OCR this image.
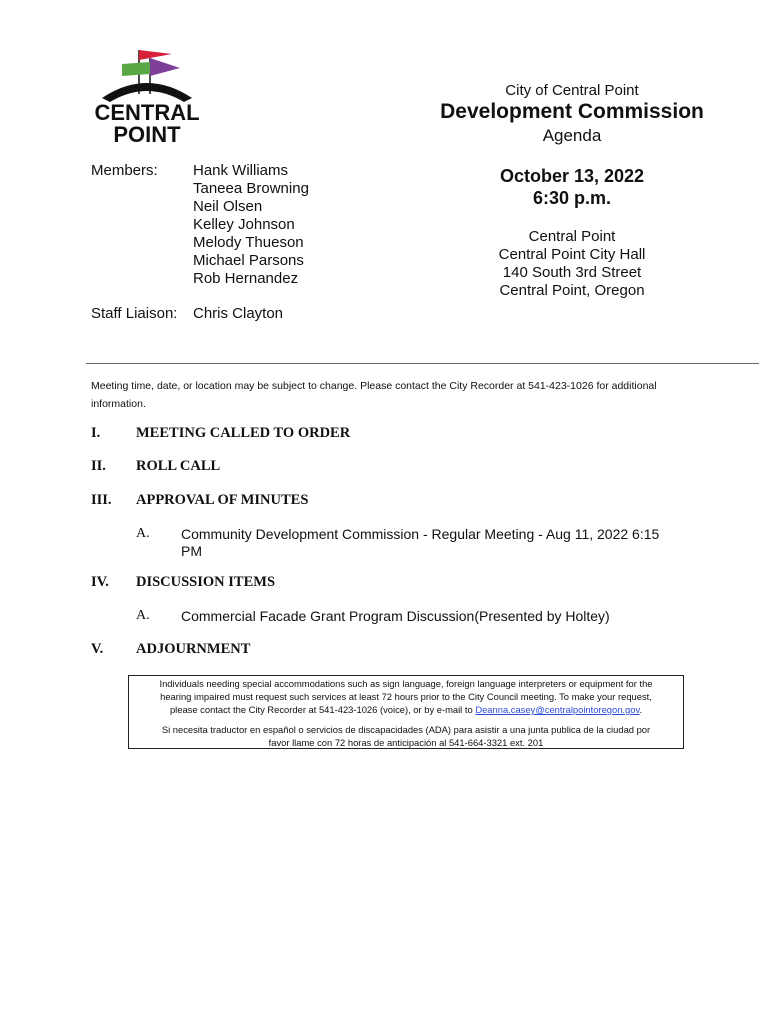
CENTRAL
POINT
City of Central Point
Development Commission
Agenda
October 13, 2022
6:30 p.m.
Central Point
Central Point City Hall
140 South 3rd Street
Central Point, Oregon
Members: Hank Williams
Taneea Browning
Neil Olsen
Kelley Johnson
Melody Thueson
Michael Parsons
Rob Hernandez
Staff Liaison: Chris Clayton
Meeting time, date, or location may be subject to change. Please contact the City Recorder at 541-423-1026 for additional
information.
I. MEETING CALLED TO ORDER
II. ROLL CALL
III. APPROVAL OF MINUTES
A. Community Development Commission - Regular Meeting - Aug 11, 2022 6:15
PM
IV. DISCUSSION ITEMS
A. Commercial Facade Grant Program Discussion(Presented by Holtey)
V. ADJOURNMENT
Individuals needing special accommodations such as sign language, foreign language interpreters or equipment for the
hearing impaired must request such services at least 72 hours prior to the City Council meeting. To make your request,
please contact the City Recorder at 541-423-1026 (voice), or by e-mail to Deanna.casey@centralpointoregon.gov.
Si necesita traductor en español o servicios de discapacidades (ADA) para asistir a una junta publica de la ciudad por
favor llame con 72 horas de anticipación al 541-664-3321 ext. 201
